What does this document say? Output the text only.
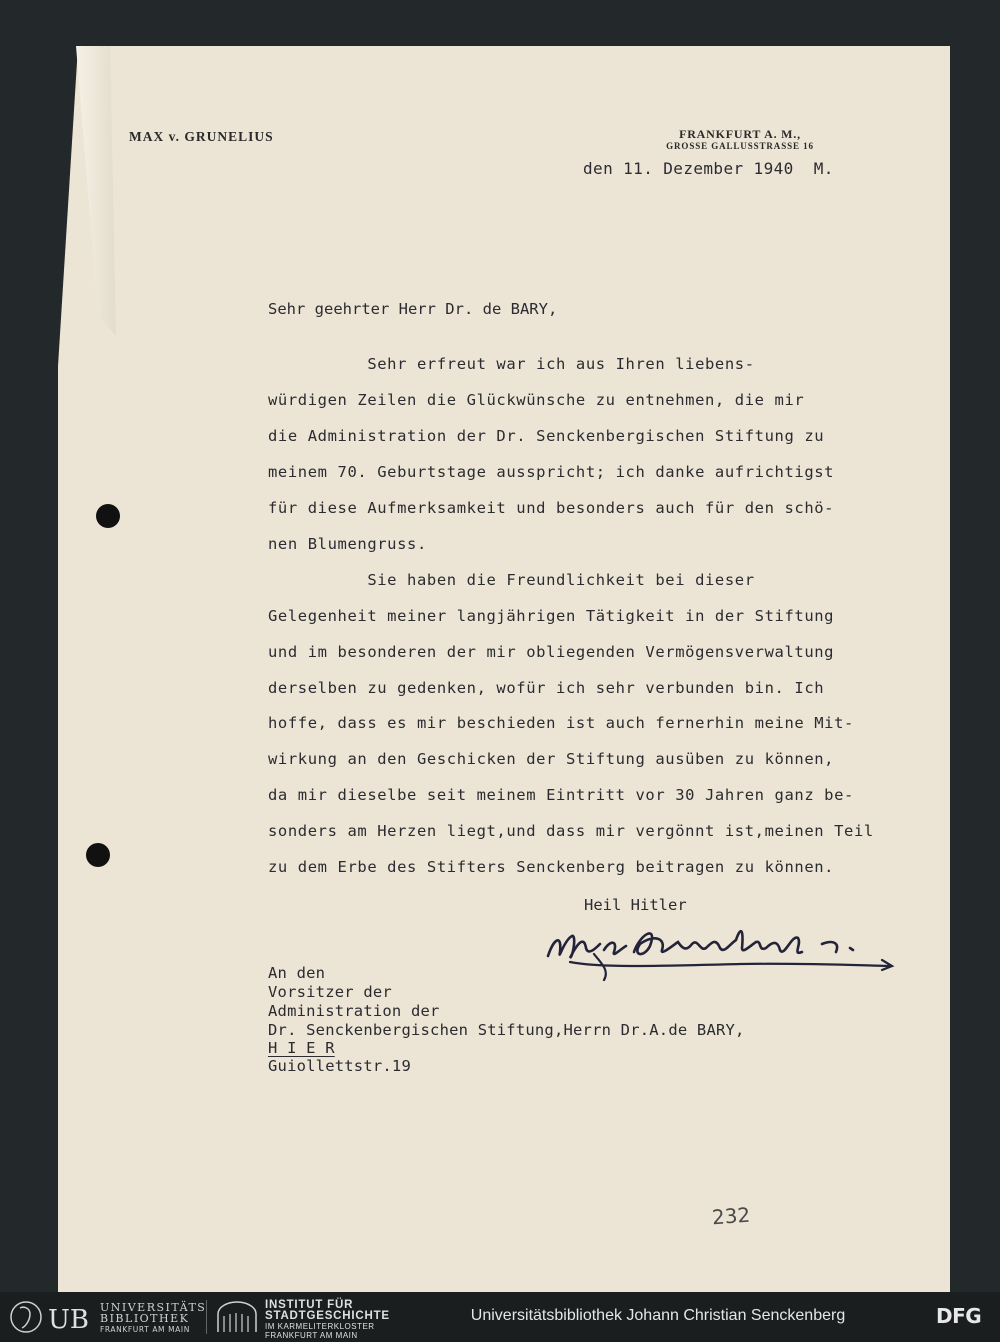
MAX v. GRUNELIUS	FRANKFURT A. M.,
GROSSE GALLUSSTRASSE 16
den 11. Dezember 1940  M.
Sehr geehrter Herr Dr. de BARY,
Sehr erfreut war ich aus Ihren liebens-
würdigen Zeilen die Glückwünsche zu entnehmen, die mir
die Administration der Dr. Senckenbergischen Stiftung zu
meinem 70. Geburtstage ausspricht; ich danke aufrichtigst
für diese Aufmerksamkeit und besonders auch für den schö-
nen Blumengruss.
Sie haben die Freundlichkeit bei dieser
Gelegenheit meiner langjährigen Tätigkeit in der Stiftung
und im besonderen der mir obliegenden Vermögensverwaltung
derselben zu gedenken, wofür ich sehr verbunden bin. Ich
hoffe, dass es mir beschieden ist auch fernerhin meine Mit-
wirkung an den Geschicken der Stiftung ausüben zu können,
da mir dieselbe seit meinem Eintritt vor 30 Jahren ganz be-
sonders am Herzen liegt,und dass mir vergönnt ist,meinen Teil
zu dem Erbe des Stifters Senckenberg beitragen zu können.
Heil Hitler
An den
Vorsitzer der
Administration der
Dr. Senckenbergischen Stiftung,Herrn Dr.A.de BARY,
H I E R
Guiollettstr.19
232
UB UNIVERSITÄTS
BIBLIOTHEK
FRANKFURT AM MAIN
INSTITUT FÜR
STADTGESCHICHTE
IM KARMELITERKLOSTER
FRANKFURT AM MAIN
Universitätsbibliothek Johann Christian Senckenberg	DFG
